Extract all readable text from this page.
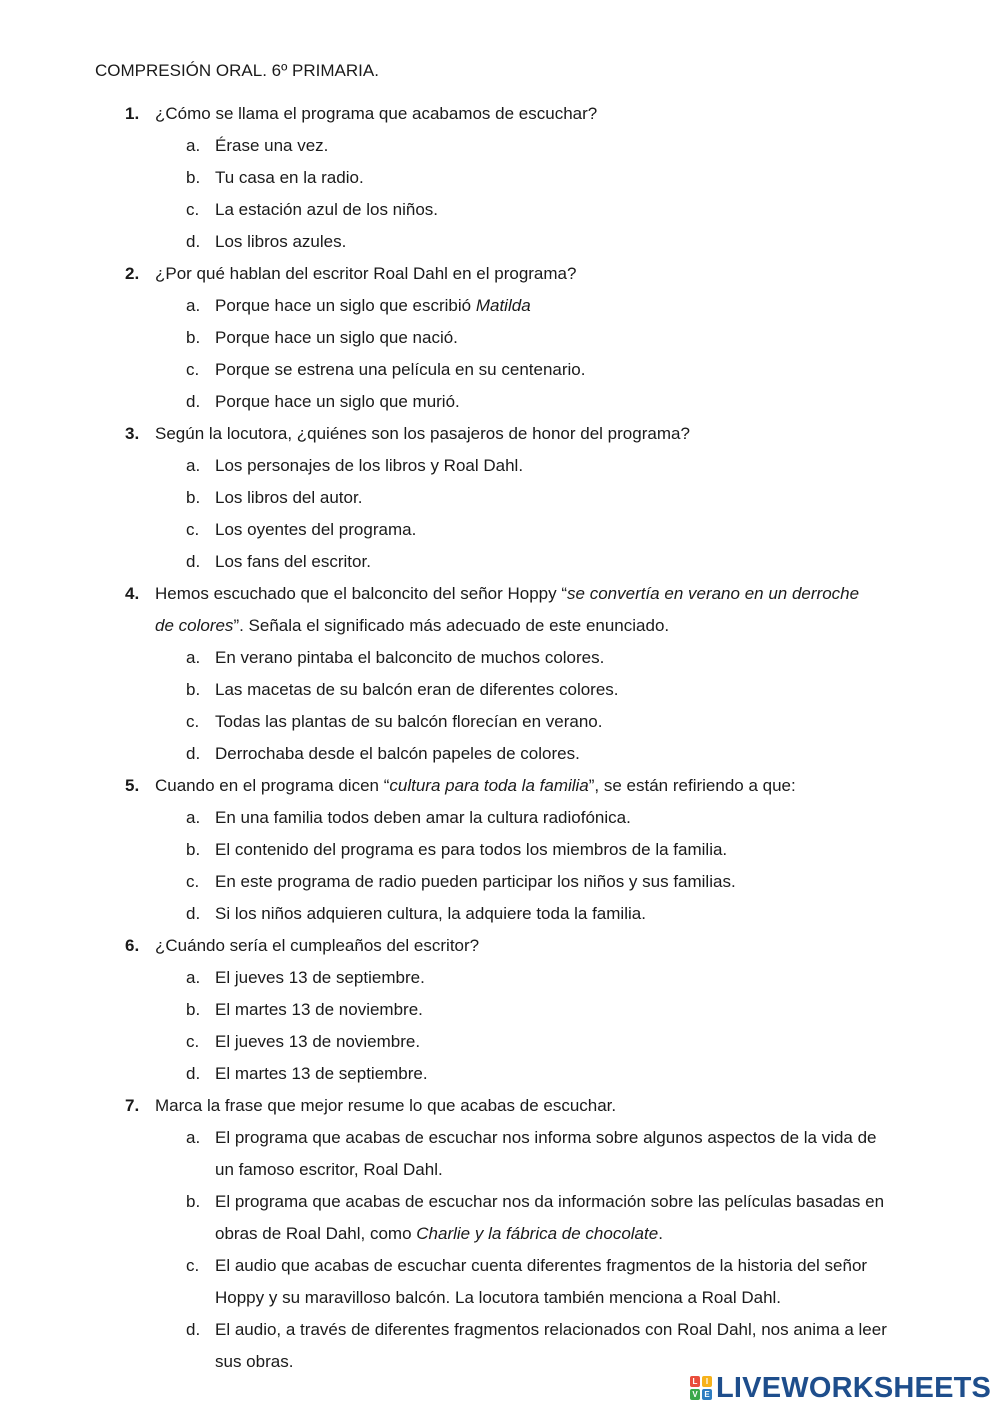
COMPRESIÓN ORAL. 6º PRIMARIA.
1. ¿Cómo se llama el programa que acabamos de escuchar?
a. Érase una vez.
b. Tu casa en la radio.
c. La estación azul de los niños.
d. Los libros azules.
2. ¿Por qué hablan del escritor Roal Dahl en el programa?
a. Porque hace un siglo que escribió Matilda
b. Porque hace un siglo que nació.
c. Porque se estrena una película en su centenario.
d. Porque hace un siglo que murió.
3. Según la locutora, ¿quiénes son los pasajeros de honor del programa?
a. Los personajes de los libros y Roal Dahl.
b. Los libros del autor.
c. Los oyentes del programa.
d. Los fans del escritor.
4. Hemos escuchado que el balconcito del señor Hoppy “se convertía en verano en un derroche de colores”. Señala el significado más adecuado de este enunciado.
a. En verano pintaba el balconcito de muchos colores.
b. Las macetas de su balcón eran de diferentes colores.
c. Todas las plantas de su balcón florecían en verano.
d. Derrochaba desde el balcón papeles de colores.
5. Cuando en el programa dicen “cultura para toda la familia”, se están refiriendo a que:
a. En una familia todos deben amar la cultura radiofónica.
b. El contenido del programa es para todos los miembros de la familia.
c. En este programa de radio pueden participar los niños y sus familias.
d. Si los niños adquieren cultura, la adquiere toda la familia.
6. ¿Cuándo sería el cumpleaños del escritor?
a. El jueves 13 de septiembre.
b. El martes 13 de noviembre.
c. El jueves 13 de noviembre.
d. El martes 13 de septiembre.
7. Marca la frase que mejor resume lo que acabas de escuchar.
a. El programa que acabas de escuchar nos informa sobre algunos aspectos de la vida de un famoso escritor, Roal Dahl.
b. El programa que acabas de escuchar nos da información sobre las películas basadas en obras de Roal Dahl, como Charlie y la fábrica de chocolate.
c. El audio que acabas de escuchar cuenta diferentes fragmentos de la historia del señor Hoppy y su maravilloso balcón. La locutora también menciona a Roal Dahl.
d. El audio, a través de diferentes fragmentos relacionados con Roal Dahl, nos anima a leer sus obras.
L	I
V E LIVEWORKSHEETS
